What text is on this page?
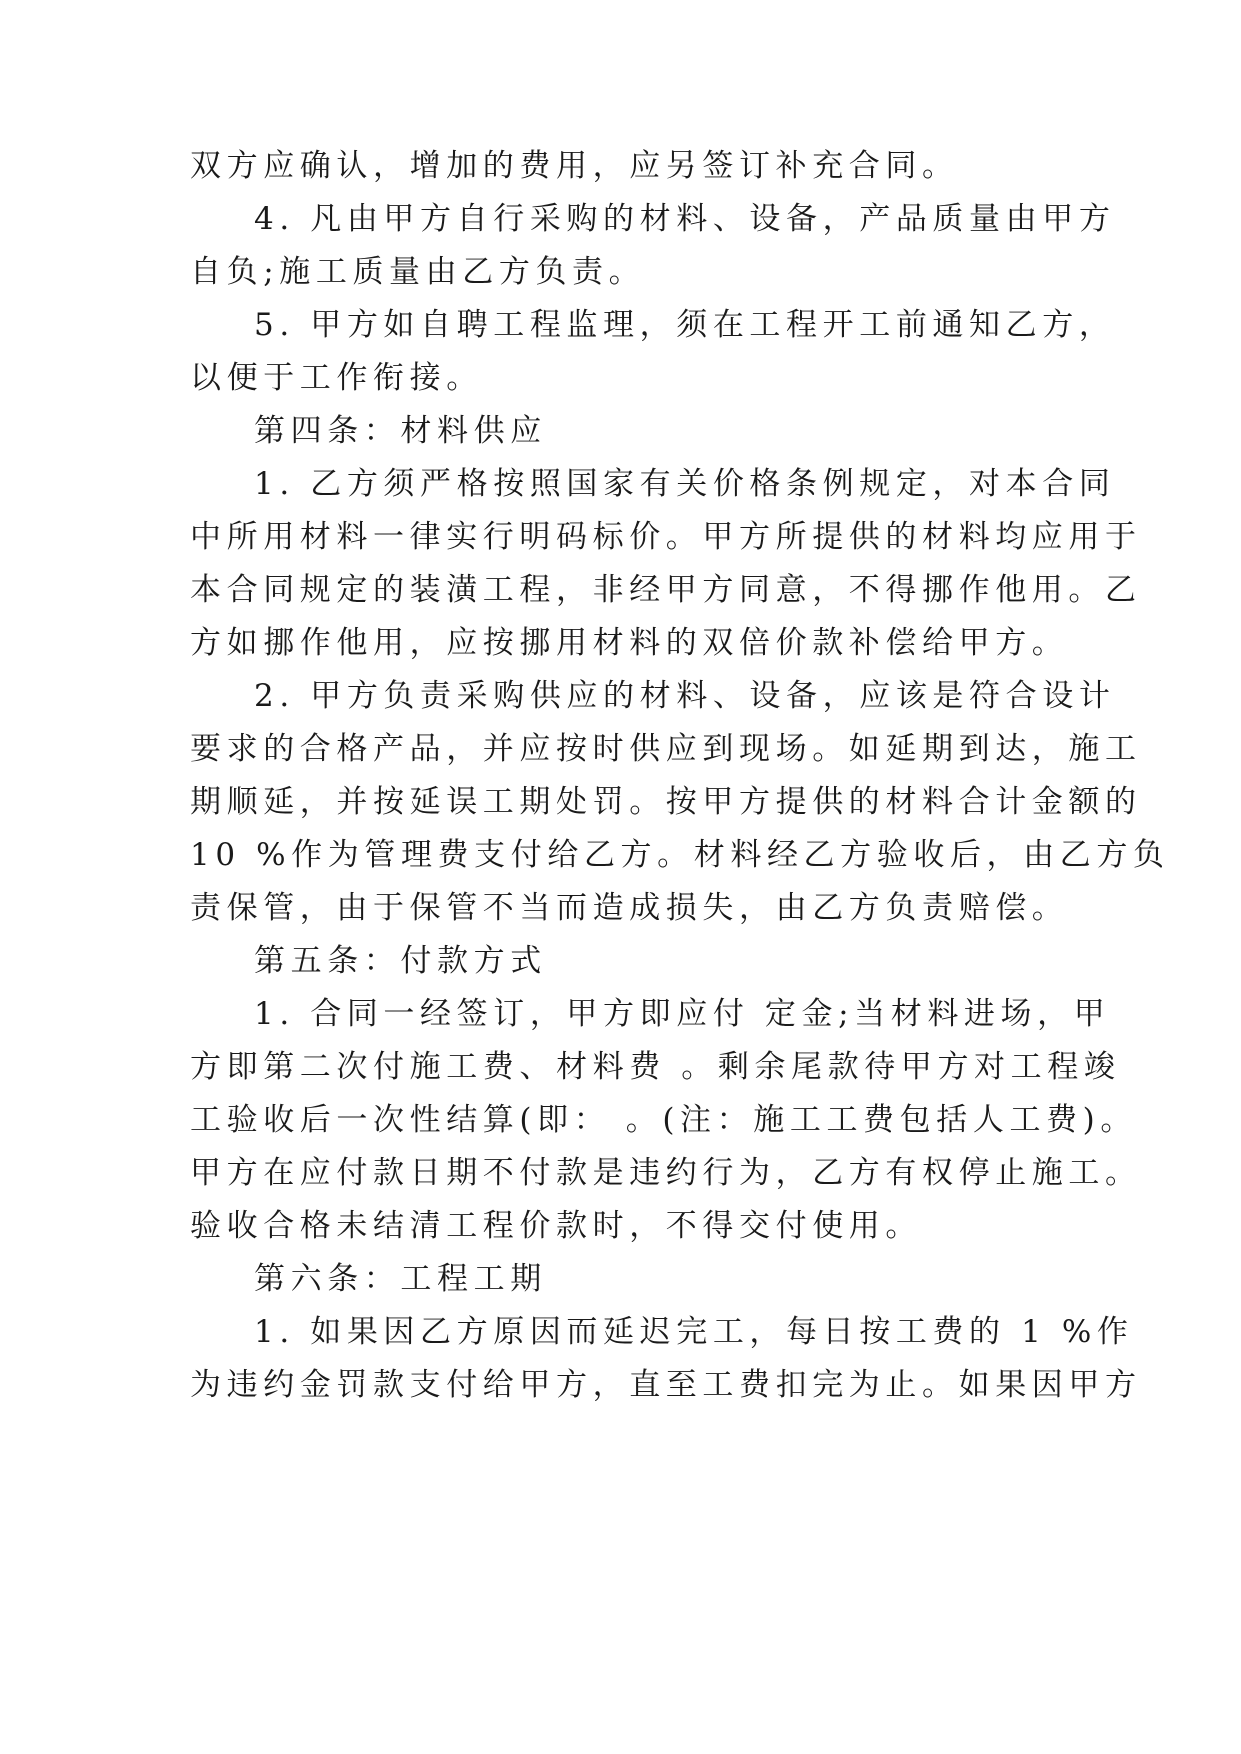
双方应确认，增加的费用，应另签订补充合同。
4. 凡由甲方自行采购的材料、设备，产品质量由甲方
自负;施工质量由乙方负责。
5. 甲方如自聘工程监理，须在工程开工前通知乙方，
以便于工作衔接。
第四条：材料供应
1. 乙方须严格按照国家有关价格条例规定，对本合同
中所用材料一律实行明码标价。甲方所提供的材料均应用于
本合同规定的装潢工程，非经甲方同意，不得挪作他用。乙
方如挪作他用，应按挪用材料的双倍价款补偿给甲方。
2. 甲方负责采购供应的材料、设备，应该是符合设计
要求的合格产品，并应按时供应到现场。如延期到达，施工
期顺延，并按延误工期处罚。按甲方提供的材料合计金额的
10 %作为管理费支付给乙方。材料经乙方验收后，由乙方负
责保管，由于保管不当而造成损失，由乙方负责赔偿。
第五条：付款方式
1. 合同一经签订，甲方即应付 定金;当材料进场，甲
方即第二次付施工费、材料费 。剩余尾款待甲方对工程竣
工验收后一次性结算(即： 。(注：施工工费包括人工费)。
甲方在应付款日期不付款是违约行为，乙方有权停止施工。
验收合格未结清工程价款时，不得交付使用。
第六条：工程工期
1. 如果因乙方原因而延迟完工，每日按工费的 1 %作
为违约金罚款支付给甲方，直至工费扣完为止。如果因甲方
